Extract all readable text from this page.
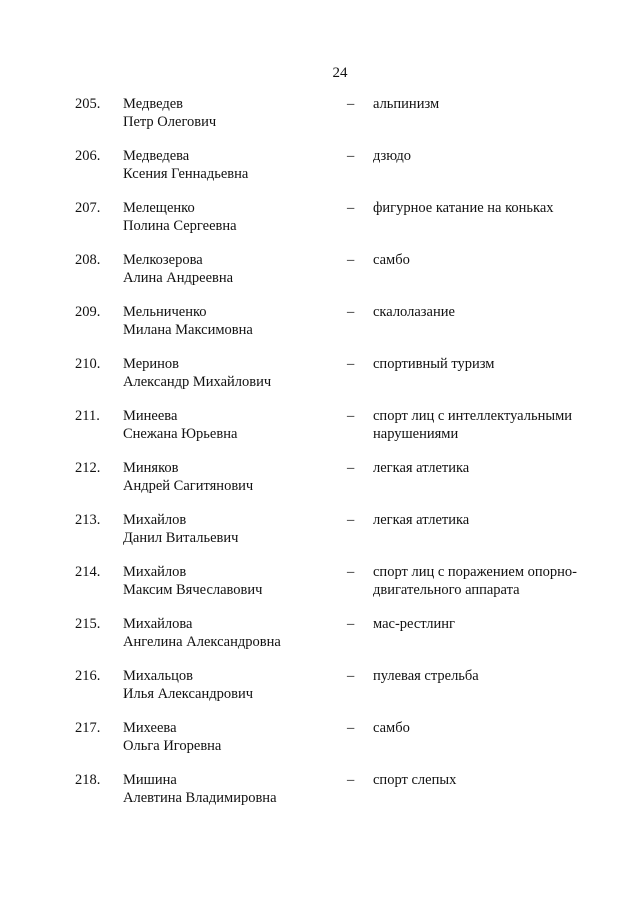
24
205. Медведев
Петр Олегович
– альпинизм
206. Медведева
Ксения Геннадьевна
– дзюдо
207. Мелещенко
Полина Сергеевна
– фигурное катание на коньках
208. Мелкозерова
Алина Андреевна
– самбо
209. Мельниченко
Милана Максимовна
– скалолазание
210. Меринов
Александр Михайлович
– спортивный туризм
211. Минеева
Снежана Юрьевна
– спорт лиц с интеллектуальными нарушениями
212. Миняков
Андрей Сагитянович
– легкая атлетика
213. Михайлов
Данил Витальевич
– легкая атлетика
214. Михайлов
Максим Вячеславович
– спорт лиц с поражением опорно-двигательного аппарата
215. Михайлова
Ангелина Александровна
– мас-рестлинг
216. Михальцов
Илья Александрович
– пулевая стрельба
217. Михеева
Ольга Игоревна
– самбо
218. Мишина
Алевтина Владимировна
– спорт слепых
